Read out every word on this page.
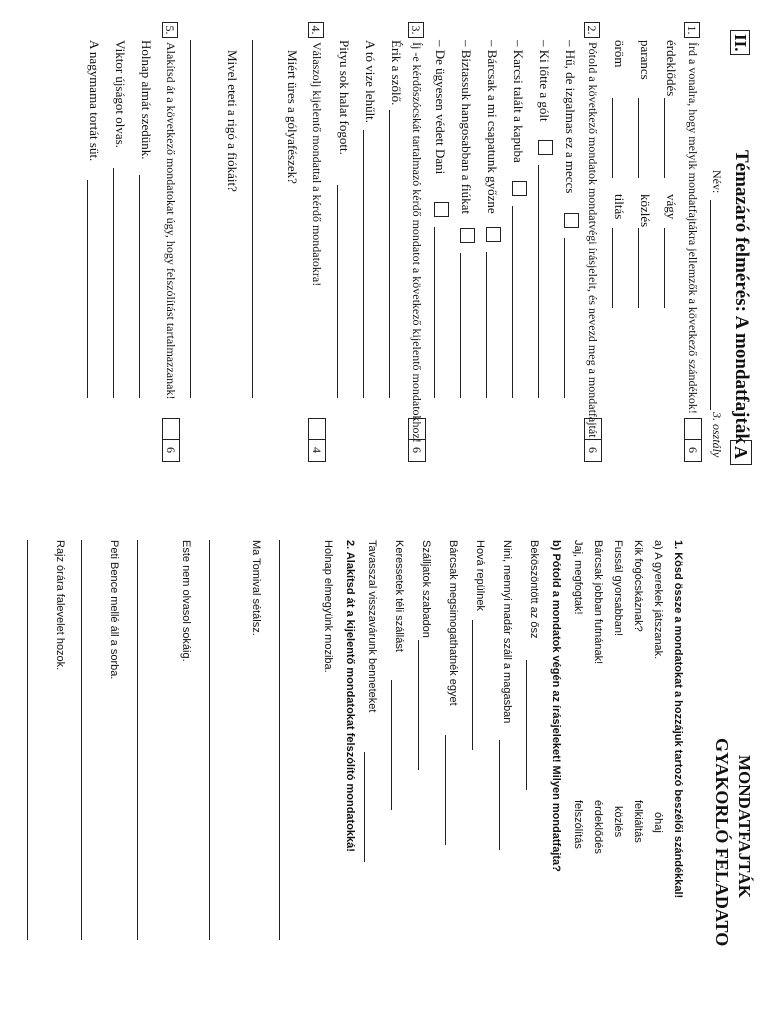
II.
Témazáró felmérés: A mondatfajták
A
Név:
3. osztály
1.
Írd a vonalra, hogy melyik mondatfajtákra jellemzők a következő szándékok!
6
érdeklődés
vágy
parancs
közlés
öröm
tiltás
2.
Pótold a következő mondatok mondatvégi írásjeleit, és nevezd meg a mondatfajtát!
6
– Hű, de izgalmas ez a meccs
– Ki lőtte a gólt
– Karcsi talált a kapuba
– Bárcsak a mi csapatunk győzne
– Biztassuk hangosabban a fiúkat
– De ügyesen védett Dani
3.
Íj -e kérdőszócskát tartalmazó kérdő mondatot a következő kijelentő mondatokhoz!
6
Érik a szőlő.
A tó vize lehűlt.
Pityu sok halat fogott.
4.
Válaszolj kijelentő mondattal a kérdő mondatokra!
4
Miért üres a gólyafészek?
Mivel eteti a rigó a fiókáit?
5.
Alakítsd át a következő mondatokat úgy, hogy felszólítást tartalmazzanak!
6
Holnap almát szedünk.
Viktor újságot olvas.
A nagymama tortát süt.
MONDATFAJTÁK
GYAKORLÓ FELADATO
1. Kösd össze a mondatokat a hozzájuk tartozó beszélői szándékkal!
a) A gyerekek játszanak.
óhaj
Kik fogócskáznak?
felkiáltás
Fussál gyorsabban!
közlés
Bárcsak jobban futnának!
érdeklődés
Jaj, megfogtak!
felszólítás
b) Pótold a mondatok végén az írásjeleket! Milyen mondatfajta?
Beköszöntött az ősz
Nini, mennyi madár száll a magasban
Hová repülnek
Bárcsak megsimogathatnék egyet
Szálljatok szabadon
Keressetek téli szállást
Tavasszal visszavárunk benneteket
2. Alakítsd át a kijelentő mondatokat felszólító mondatokká!
Holnap elmegyünk moziba.
Ma Tomival sétálsz.
Este nem olvasol sokáig.
Peti Bence mellé áll a sorba.
Rajz órára falevelet hozok.
